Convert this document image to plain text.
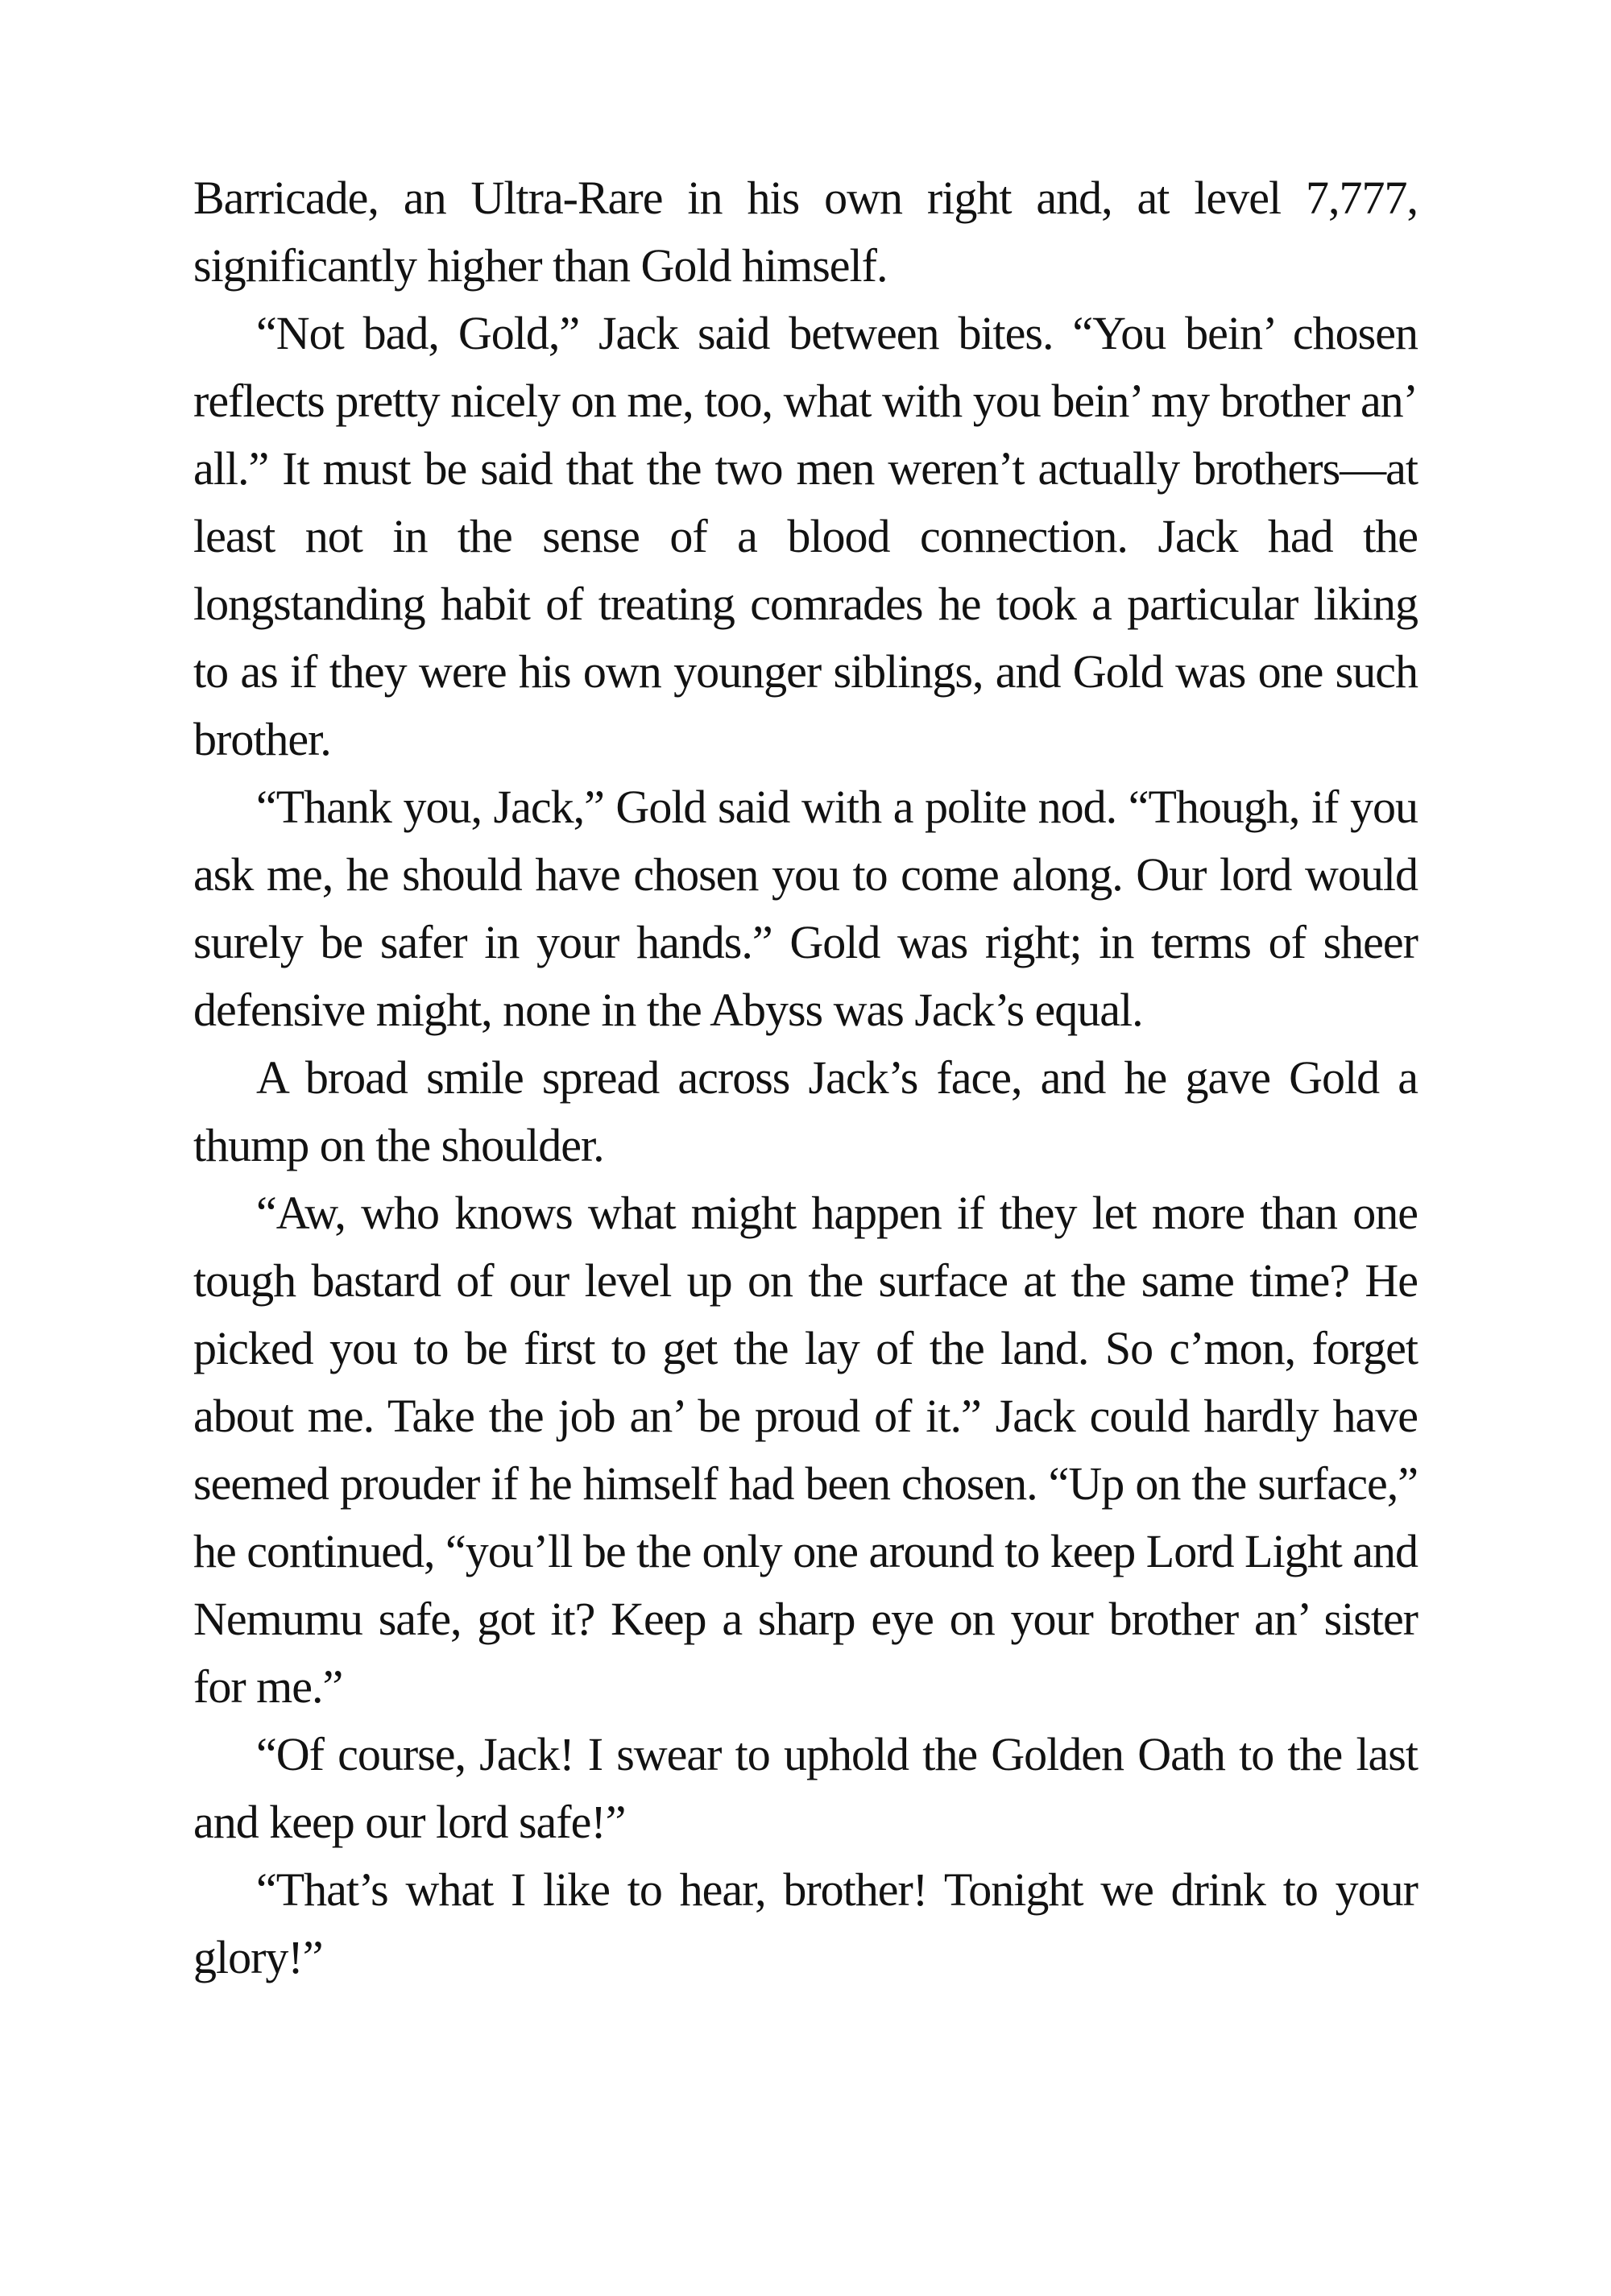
Barricade, an Ultra-Rare in his own right and, at level 7,777, significantly higher than Gold himself.

“Not bad, Gold,” Jack said between bites. “You bein’ chosen reflects pretty nicely on me, too, what with you bein’ my brother an’ all.” It must be said that the two men weren’t actually brothers—at least not in the sense of a blood connection. Jack had the longstanding habit of treating comrades he took a particular liking to as if they were his own younger siblings, and Gold was one such brother.

“Thank you, Jack,” Gold said with a polite nod. “Though, if you ask me, he should have chosen you to come along. Our lord would surely be safer in your hands.” Gold was right; in terms of sheer defensive might, none in the Abyss was Jack’s equal.

A broad smile spread across Jack’s face, and he gave Gold a thump on the shoulder.

“Aw, who knows what might happen if they let more than one tough bastard of our level up on the surface at the same time? He picked you to be first to get the lay of the land. So c’mon, forget about me. Take the job an’ be proud of it.” Jack could hardly have seemed prouder if he himself had been chosen. “Up on the surface,” he continued, “you’ll be the only one around to keep Lord Light and Nemumu safe, got it? Keep a sharp eye on your brother an’ sister for me.”

“Of course, Jack! I swear to uphold the Golden Oath to the last and keep our lord safe!”

“That’s what I like to hear, brother! Tonight we drink to your glory!”
